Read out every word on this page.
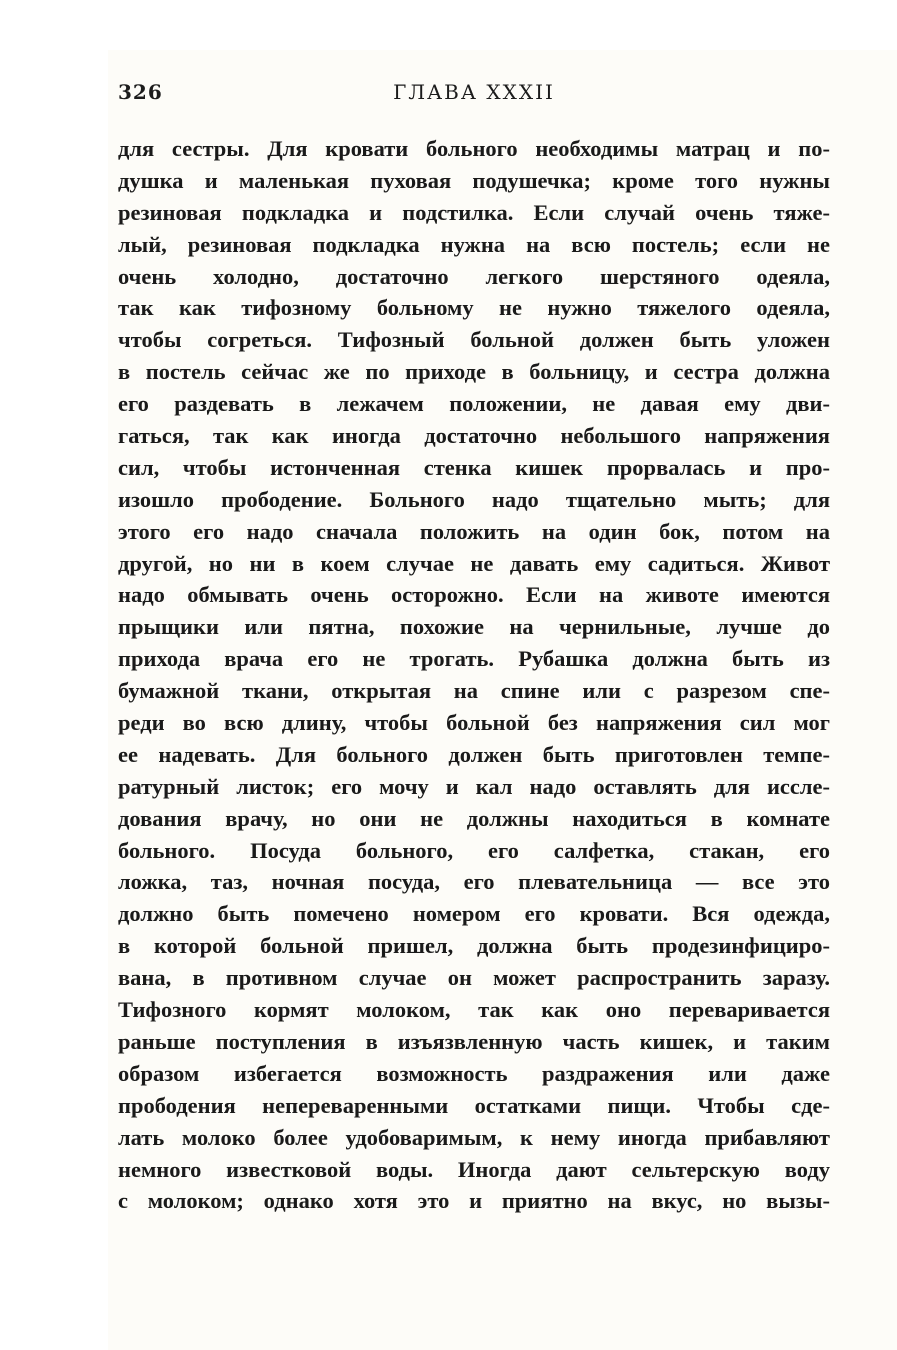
326	ГЛАВА XXXII
для сестры. Для кровати больного необходимы матрац и по-
душка и маленькая пуховая подушечка; кроме того нужны
резиновая подкладка и подстилка. Если случай очень тяже-
лый, резиновая подкладка нужна на всю постель; если не
очень холодно, достаточно легкого шерстяного одеяла,
так как тифозному больному не нужно тяжелого одеяла,
чтобы согреться. Тифозный больной должен быть уложен
в постель сейчас же по приходе в больницу, и сестра должна
его раздевать в лежачем положении, не давая ему дви-
гаться, так как иногда достаточно небольшого напряжения
сил, чтобы истонченная стенка кишек прорвалась и про-
изошло прободение. Больного надо тщательно мыть; для
этого его надо сначала положить на один бок, потом на
другой, но ни в коем случае не давать ему садиться. Живот
надо обмывать очень осторожно. Если на животе имеются
прыщики или пятна, похожие на чернильные, лучше до
прихода врача его не трогать. Рубашка должна быть из
бумажной ткани, открытая на спине или с разрезом спе-
реди во всю длину, чтобы больной без напряжения сил мог
ее надевать. Для больного должен быть приготовлен темпе-
ратурный листок; его мочу и кал надо оставлять для иссле-
дования врачу, но они не должны находиться в комнате
больного. Посуда больного, его салфетка, стакан, его
ложка, таз, ночная посуда, его плевательница — все это
должно быть помечено номером его кровати. Вся одежда,
в которой больной пришел, должна быть продезинфициро-
вана, в противном случае он может распространить заразу.
Тифозного кормят молоком, так как оно переваривается
раньше поступления в изъязвленную часть кишек, и таким
образом избегается возможность раздражения или даже
прободения непереваренными остатками пищи. Чтобы сде-
лать молоко более удобоваримым, к нему иногда прибавляют
немного известковой воды. Иногда дают сельтерскую воду
с молоком; однако хотя это и приятно на вкус, но вызы-
